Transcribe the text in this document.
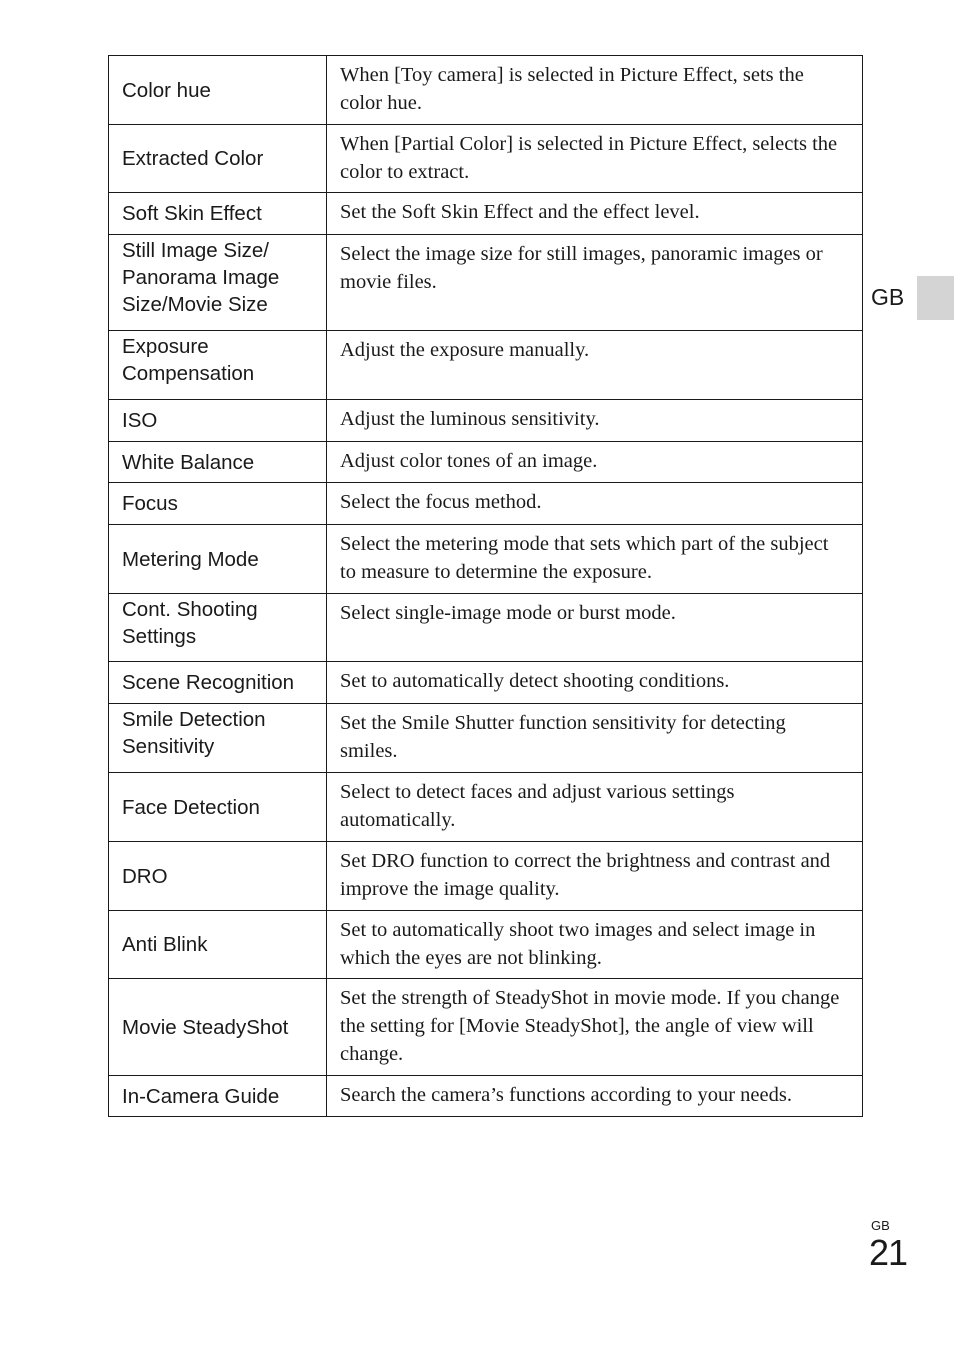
Color hue	When [Toy camera] is selected in Picture Effect, sets the color hue.
Extracted Color	When [Partial Color] is selected in Picture Effect, selects the color to extract.
Soft Skin Effect	Set the Soft Skin Effect and the effect level.
Still Image Size/ Panorama Image Size/Movie Size	Select the image size for still images, panoramic images or movie files.
Exposure Compensation	Adjust the exposure manually.
ISO	Adjust the luminous sensitivity.
White Balance	Adjust color tones of an image.
Focus	Select the focus method.
Metering Mode	Select the metering mode that sets which part of the subject to measure to determine the exposure.
Cont. Shooting Settings	Select single-image mode or burst mode.
Scene Recognition	Set to automatically detect shooting conditions.
Smile Detection Sensitivity	Set the Smile Shutter function sensitivity for detecting smiles.
Face Detection	Select to detect faces and adjust various settings automatically.
DRO	Set DRO function to correct the brightness and contrast and improve the image quality.
Anti Blink	Set to automatically shoot two images and select image in which the eyes are not blinking.
Movie SteadyShot	Set the strength of SteadyShot in movie mode. If you change the setting for [Movie SteadyShot], the angle of view will change.
In-Camera Guide	Search the camera’s functions according to your needs.
GB
GB
21
